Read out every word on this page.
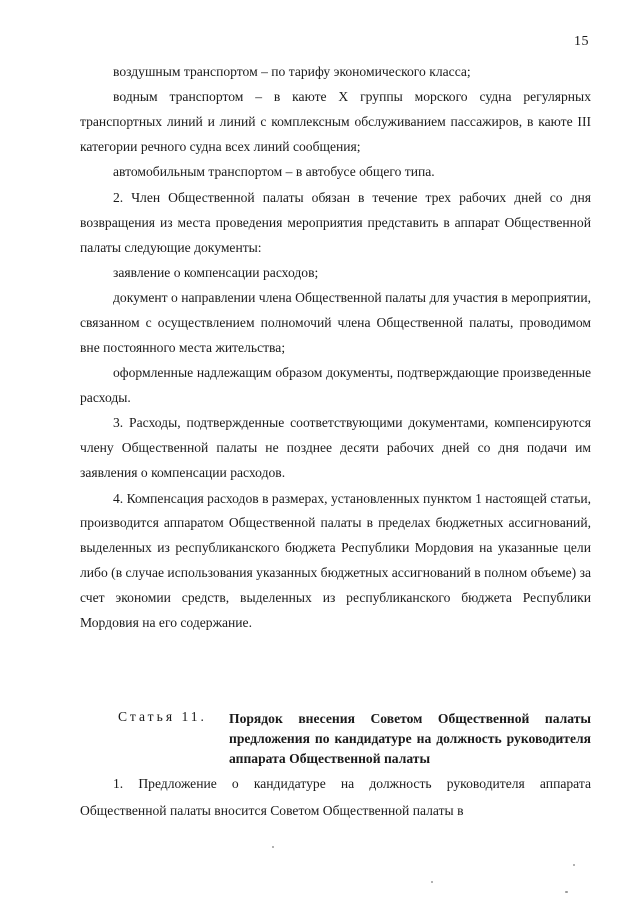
15

воздушным транспортом – по тарифу экономического класса;

водным транспортом – в каюте X группы морского судна регулярных транспортных линий и линий с комплексным обслуживанием пассажиров, в каюте III категории речного судна всех линий сообщения;

автомобильным транспортом – в автобусе общего типа.

2. Член Общественной палаты обязан в течение трех рабочих дней со дня возвращения из места проведения мероприятия представить в аппарат Общественной палаты следующие документы:

заявление о компенсации расходов;

документ о направлении члена Общественной палаты для участия в мероприятии, связанном с осуществлением полномочий члена Общественной палаты, проводимом вне постоянного места жительства;

оформленные надлежащим образом документы, подтверждающие произведенные расходы.

3. Расходы, подтвержденные соответствующими документами, компенсируются члену Общественной палаты не позднее десяти рабочих дней со дня подачи им заявления о компенсации расходов.

4. Компенсация расходов в размерах, установленных пунктом 1 настоящей статьи, производится аппаратом Общественной палаты в пределах бюджетных ассигнований, выделенных из республиканского бюджета Республики Мордовия на указанные цели либо (в случае использования указанных бюджетных ассигнований в полном объеме) за счет экономии средств, выделенных из республиканского бюджета Республики Мордовия на его содержание.

Статья 11. Порядок внесения Советом Общественной палаты предложения по кандидатуре на должность руководителя аппарата Общественной палаты

1. Предложение о кандидатуре на должность руководителя аппарата Общественной палаты вносится Советом Общественной палаты в
